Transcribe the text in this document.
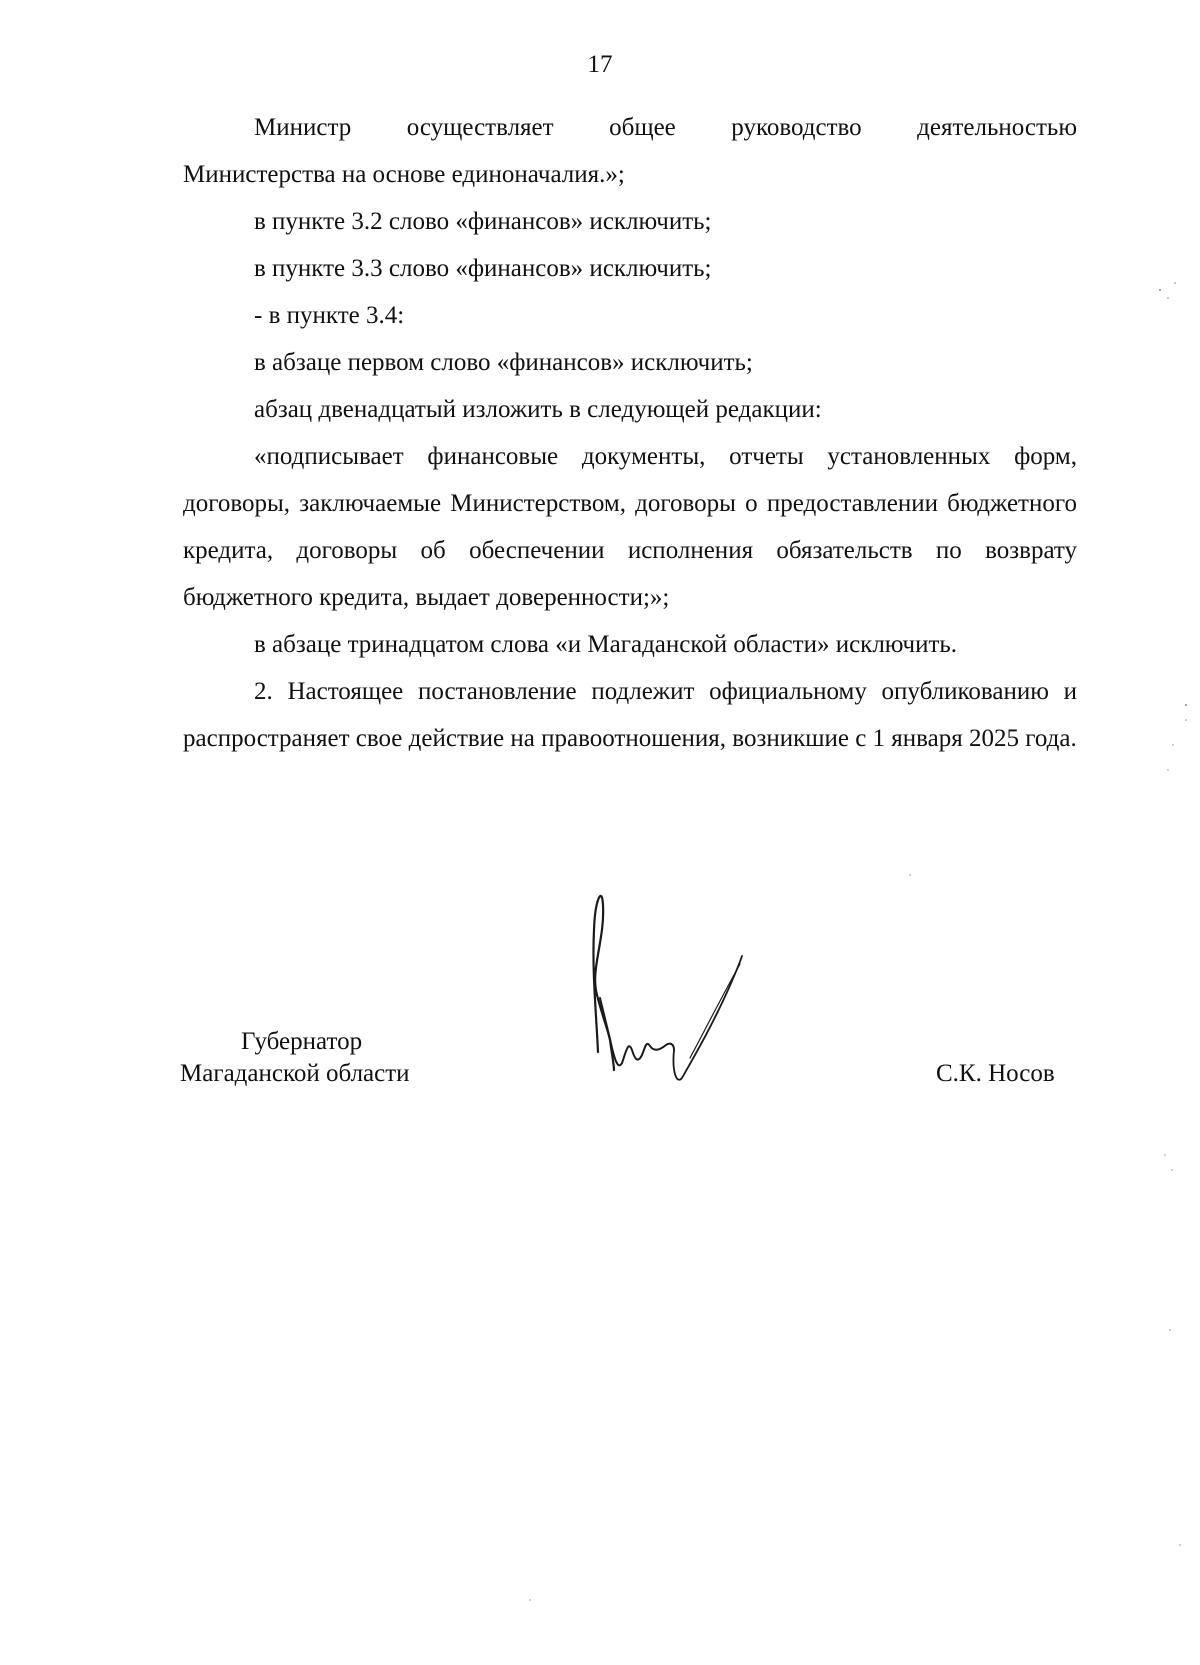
17

Министр осуществляет общее руководство деятельностью

Министерства на основе единоначалия.»;

в пункте 3.2 слово «финансов» исключить;

в пункте 3.3 слово «финансов» исключить;

- в пункте 3.4:

в абзаце первом слово «финансов» исключить;

абзац двенадцатый изложить в следующей редакции:

«подписывает финансовые документы, отчеты установленных форм, договоры, заключаемые Министерством, договоры о предоставлении бюджетного кредита, договоры об обеспечении исполнения обязательств по возврату бюджетного кредита, выдает доверенности;»;

в абзаце тринадцатом слова «и Магаданской области» исключить.

2. Настоящее постановление подлежит официальному опубликованию и распространяет свое действие на правоотношения, возникшие с 1 января 2025 года.

Губернатор
Магаданской области	С.К. Носов
